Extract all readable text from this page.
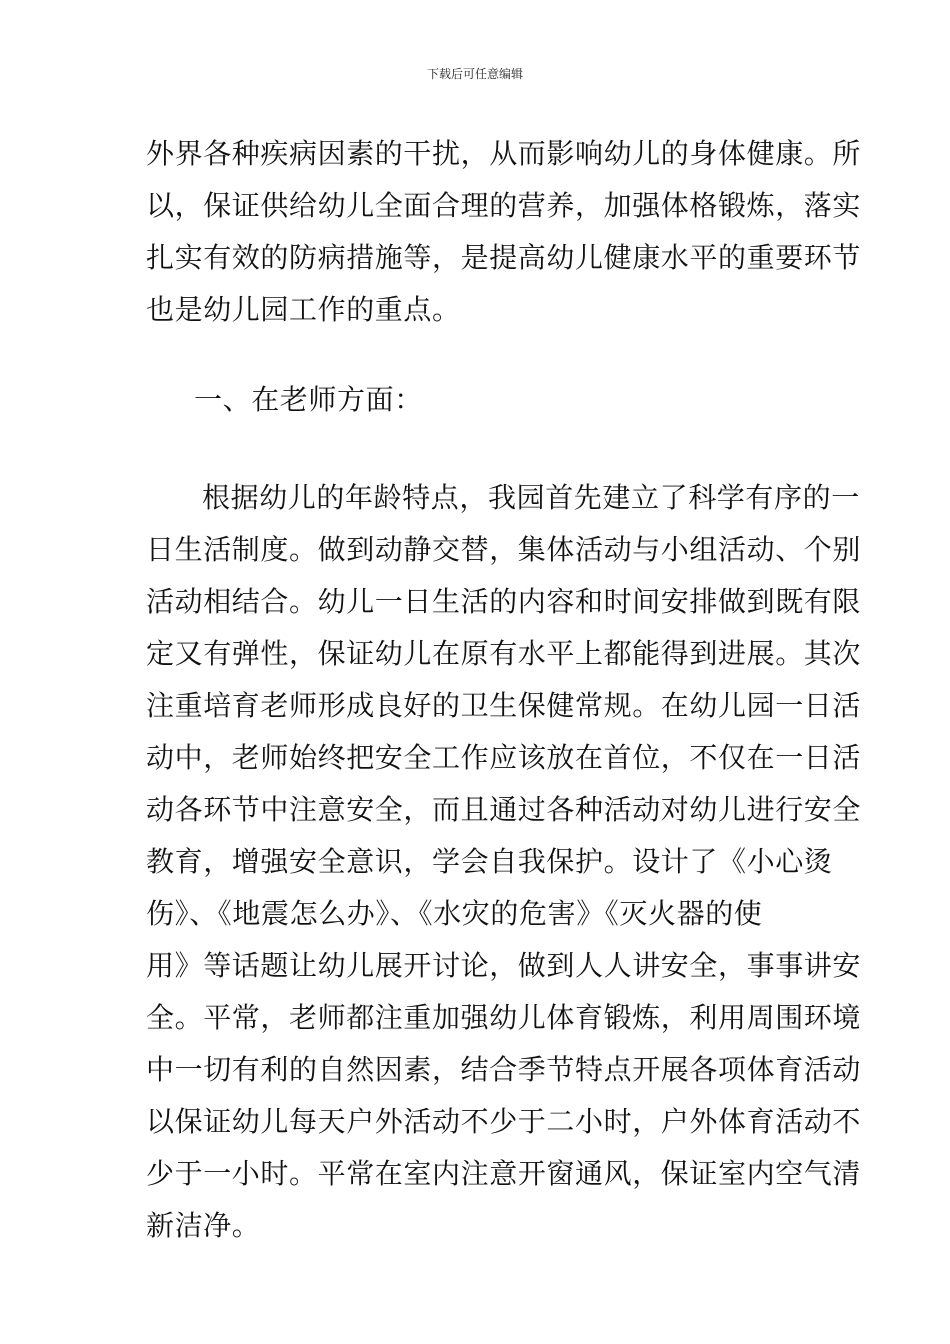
下载后可任意编辑
外界各种疾病因素的干扰，从而影响幼儿的身体健康。所
以，保证供给幼儿全面合理的营养，加强体格锻炼，落实
扎实有效的防病措施等，是提高幼儿健康水平的重要环节
也是幼儿园工作的重点。
一、在老师方面：
根据幼儿的年龄特点，我园首先建立了科学有序的一
日生活制度。做到动静交替，集体活动与小组活动、个别
活动相结合。幼儿一日生活的内容和时间安排做到既有限
定又有弹性，保证幼儿在原有水平上都能得到进展。其次
注重培育老师形成良好的卫生保健常规。在幼儿园一日活
动中，老师始终把安全工作应该放在首位，不仅在一日活
动各环节中注意安全，而且通过各种活动对幼儿进行安全
教育，增强安全意识，学会自我保护。设计了《小心烫
伤》、《地震怎么办》、《水灾的危害》《灭火器的使
用》等话题让幼儿展开讨论，做到人人讲安全，事事讲安
全。平常，老师都注重加强幼儿体育锻炼，利用周围环境
中一切有利的自然因素，结合季节特点开展各项体育活动
以保证幼儿每天户外活动不少于二小时，户外体育活动不
少于一小时。平常在室内注意开窗通风，保证室内空气清
新洁净。
